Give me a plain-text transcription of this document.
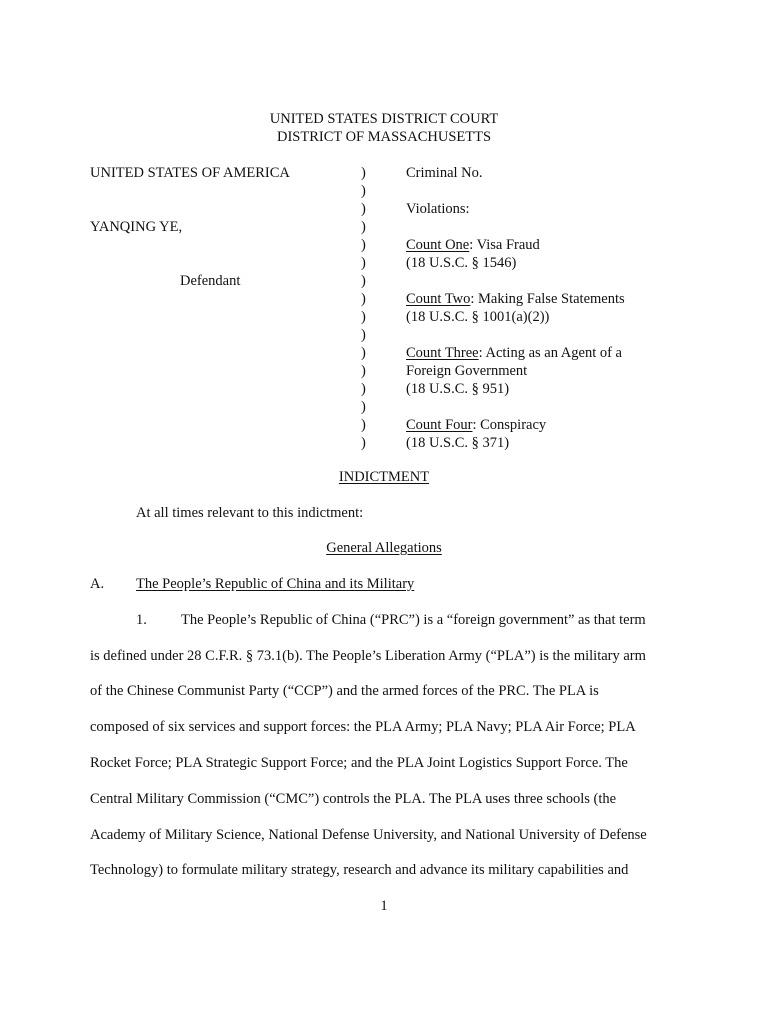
UNITED STATES DISTRICT COURT
DISTRICT OF MASSACHUSETTS
UNITED STATES OF AMERICA
YANQING YE,
Defendant
)
)
)
)
)
)
)
)
)
)
)
)
)
)
)
)
Criminal No.
Violations:
Count One: Visa Fraud
(18 U.S.C. § 1546)
Count Two: Making False Statements
(18 U.S.C. § 1001(a)(2))
Count Three: Acting as an Agent of a
Foreign Government
(18 U.S.C. § 951)
Count Four: Conspiracy
(18 U.S.C. § 371)
INDICTMENT
At all times relevant to this indictment:
General Allegations
A. The People’s Republic of China and its Military
1. The People’s Republic of China (“PRC”) is a “foreign government” as that term
is defined under 28 C.F.R. § 73.1(b). The People’s Liberation Army (“PLA”) is the military arm
of the Chinese Communist Party (“CCP”) and the armed forces of the PRC. The PLA is
composed of six services and support forces: the PLA Army; PLA Navy; PLA Air Force; PLA
Rocket Force; PLA Strategic Support Force; and the PLA Joint Logistics Support Force. The
Central Military Commission (“CMC”) controls the PLA. The PLA uses three schools (the
Academy of Military Science, National Defense University, and National University of Defense
Technology) to formulate military strategy, research and advance its military capabilities and
1
